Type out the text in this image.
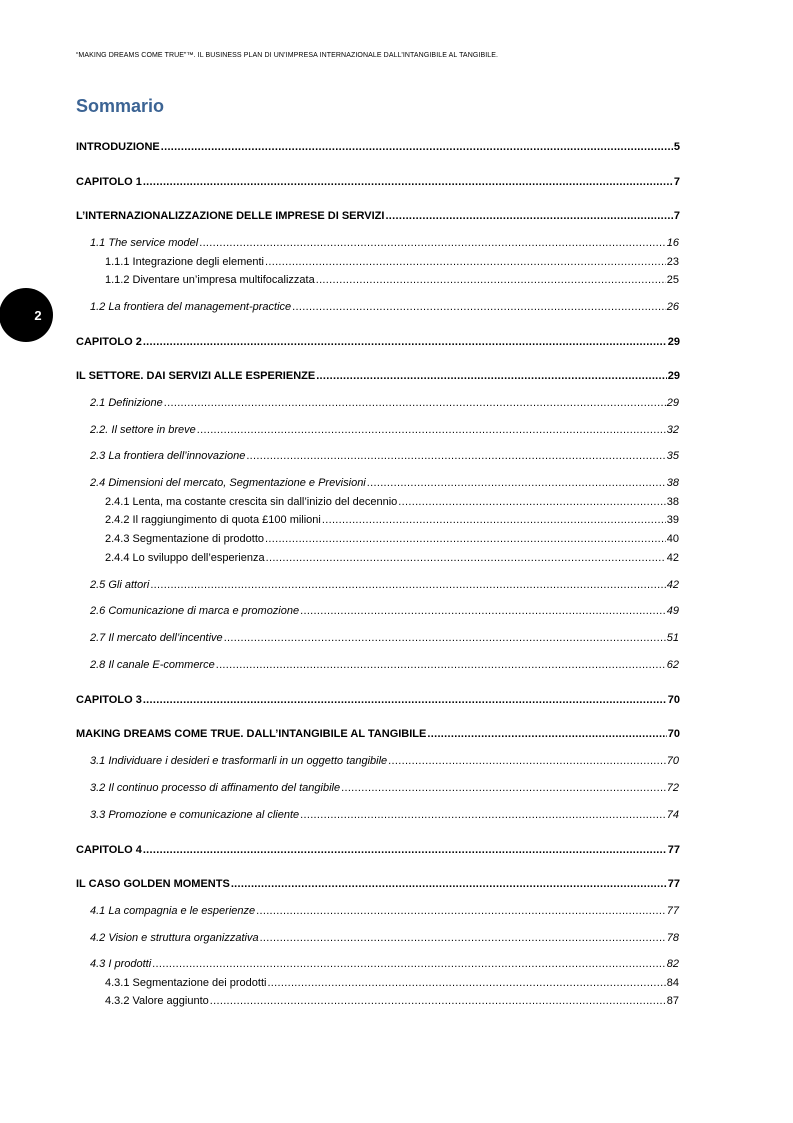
“MAKING DREAMS COME TRUE”™. IL BUSINESS PLAN DI UN’IMPRESA INTERNAZIONALE DALL’INTANGIBILE AL TANGIBILE.
2
Sommario
INTRODUZIONE .....	5
CAPITOLO 1 .....	7
L’INTERNAZIONALIZZAZIONE DELLE IMPRESE DI SERVIZI .....	7
1.1 The service model .....	16
1.1.1 Integrazione degli elementi .....	23
1.1.2 Diventare un’impresa multifocalizzata .....	25
1.2 La frontiera del management-practice .....	26
CAPITOLO 2 .....	29
IL SETTORE. DAI SERVIZI ALLE ESPERIENZE .....	29
2.1 Definizione .....	29
2.2. Il settore in breve .....	32
2.3 La frontiera dell’innovazione .....	35
2.4 Dimensioni del mercato, Segmentazione e Previsioni .....	38
2.4.1 Lenta, ma costante crescita sin dall’inizio del decennio .....	38
2.4.2 Il raggiungimento di quota £100 milioni .....	39
2.4.3 Segmentazione di prodotto .....	40
2.4.4 Lo sviluppo dell’esperienza .....	42
2.5 Gli attori .....	42
2.6 Comunicazione di marca e promozione .....	49
2.7 Il mercato dell’incentive .....	51
2.8 Il canale E-commerce .....	62
CAPITOLO 3 .....	70
MAKING DREAMS COME TRUE. DALL’INTANGIBILE AL TANGIBILE .....	70
3.1 Individuare i desideri e trasformarli in un oggetto tangibile .....	70
3.2 Il continuo processo di affinamento del tangibile .....	72
3.3 Promozione e comunicazione al cliente .....	74
CAPITOLO 4 .....	77
IL CASO GOLDEN MOMENTS .....	77
4.1 La compagnia e le esperienze .....	77
4.2 Vision e struttura organizzativa .....	78
4.3 I prodotti .....	82
4.3.1 Segmentazione dei prodotti .....	84
4.3.2 Valore aggiunto .....	87
